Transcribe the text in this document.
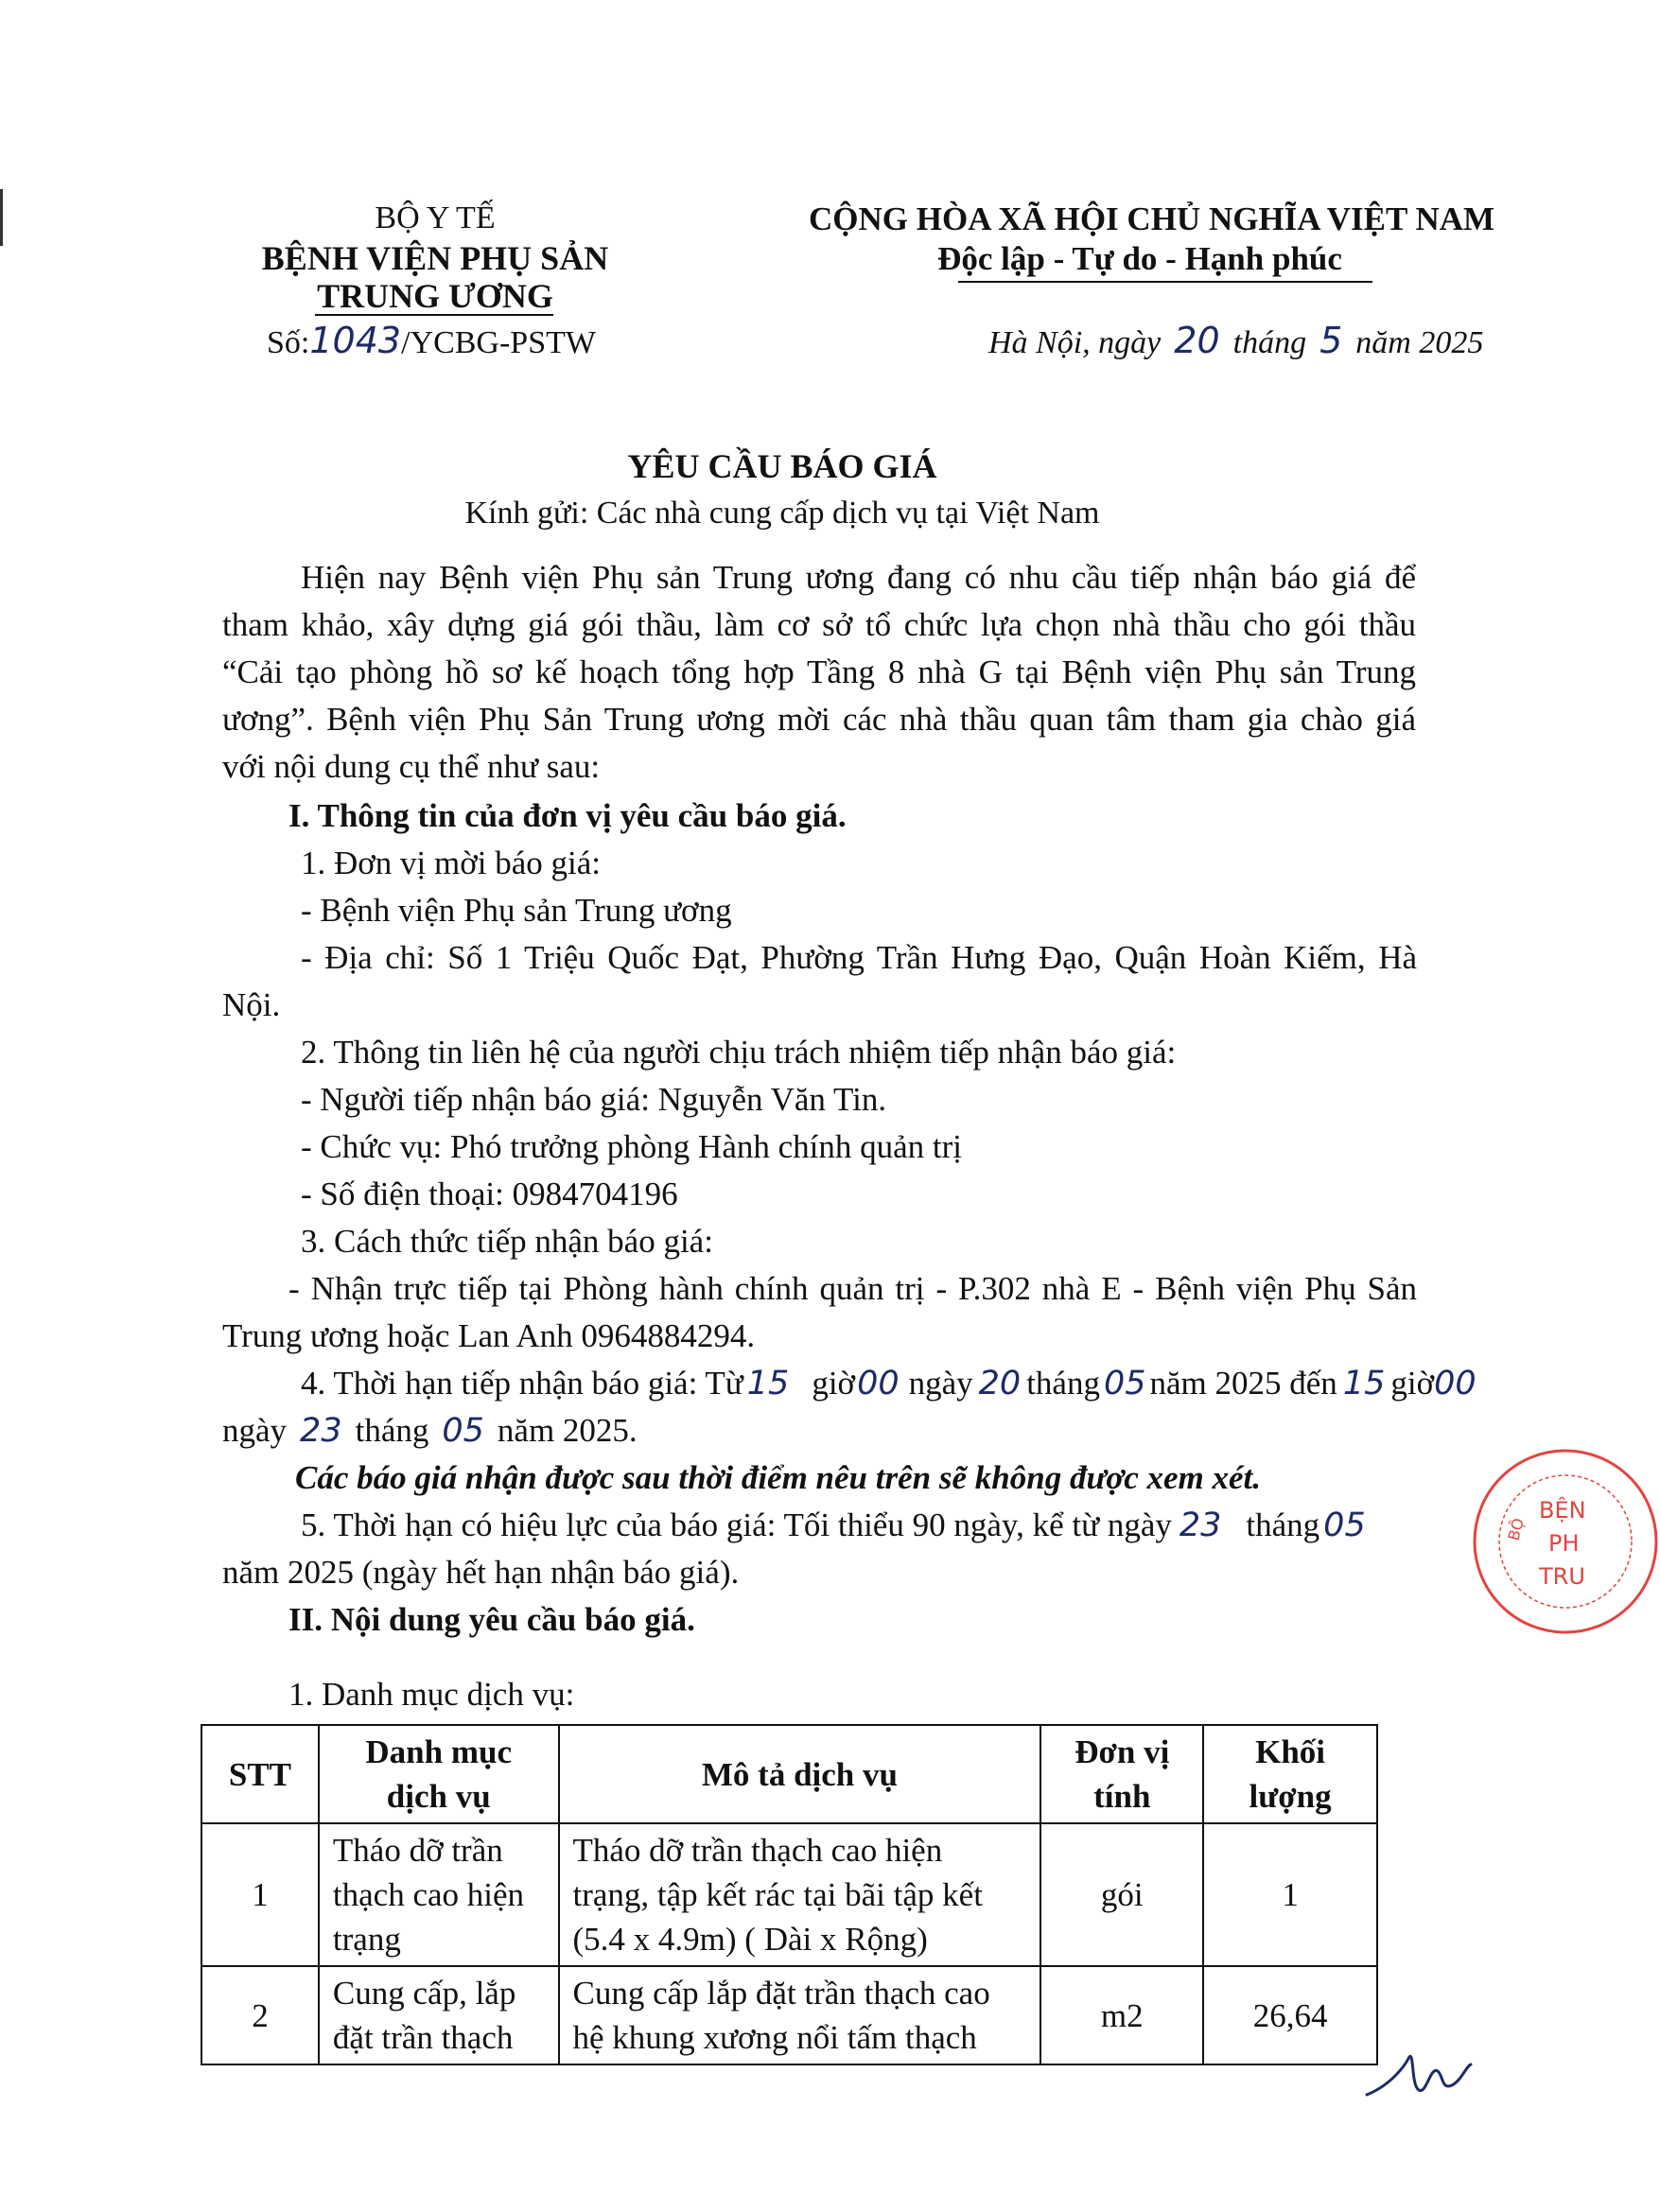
BỘ Y TẾ
BỆNH VIỆN PHỤ SẢN
TRUNG ƯƠNG
Số:1043/YCBG-PSTW
CỘNG HÒA XÃ HỘI CHỦ NGHĨA VIỆT NAM
Độc lập - Tự do - Hạnh phúc
Hà Nội, ngày 20 tháng 5 năm 2025
YÊU CẦU BÁO GIÁ
Kính gửi: Các nhà cung cấp dịch vụ tại Việt Nam
Hiện nay Bệnh viện Phụ sản Trung ương đang có nhu cầu tiếp nhận báo giá để
tham khảo, xây dựng giá gói thầu, làm cơ sở tổ chức lựa chọn nhà thầu cho gói thầu
“Cải tạo phòng hồ sơ kế hoạch tổng hợp Tầng 8 nhà G tại Bệnh viện Phụ sản Trung
ương”. Bệnh viện Phụ Sản Trung ương mời các nhà thầu quan tâm tham gia chào giá
với nội dung cụ thể như sau:
I. Thông tin của đơn vị yêu cầu báo giá.
1. Đơn vị mời báo giá:
- Bệnh viện Phụ sản Trung ương
- Địa chỉ: Số 1 Triệu Quốc Đạt, Phường Trần Hưng Đạo, Quận Hoàn Kiếm, Hà
Nội.
2. Thông tin liên hệ của người chịu trách nhiệm tiếp nhận báo giá:
- Người tiếp nhận báo giá: Nguyễn Văn Tin.
- Chức vụ: Phó trưởng phòng Hành chính quản trị
- Số điện thoại: 0984704196
3. Cách thức tiếp nhận báo giá:
- Nhận trực tiếp tại Phòng hành chính quản trị - P.302 nhà E - Bệnh viện Phụ Sản
Trung ương hoặc Lan Anh 0964884294.
4. Thời hạn tiếp nhận báo giá: Từ 15 giờ00 ngày 20 tháng 05 năm 2025 đến 15 giờ00
ngày 23 tháng 05 năm 2025.
Các báo giá nhận được sau thời điểm nêu trên sẽ không được xem xét.
5. Thời hạn có hiệu lực của báo giá: Tối thiểu 90 ngày, kể từ ngày 23 tháng 05
năm 2025 (ngày hết hạn nhận báo giá).
II. Nội dung yêu cầu báo giá.
1. Danh mục dịch vụ:
STT	Danh mục dịch vụ	Mô tả dịch vụ	Đơn vị tính	Khối lượng
1	Tháo dỡ trần thạch cao hiện trạng	Tháo dỡ trần thạch cao hiện trạng, tập kết rác tại bãi tập kết (5.4 x 4.9m) ( Dài x Rộng)	gói	1
2	Cung cấp, lắp đặt trần thạch	Cung cấp lắp đặt trần thạch cao hệ khung xương nổi tấm thạch	m2	26,64
BỘ
BỆN
PH
TRU
